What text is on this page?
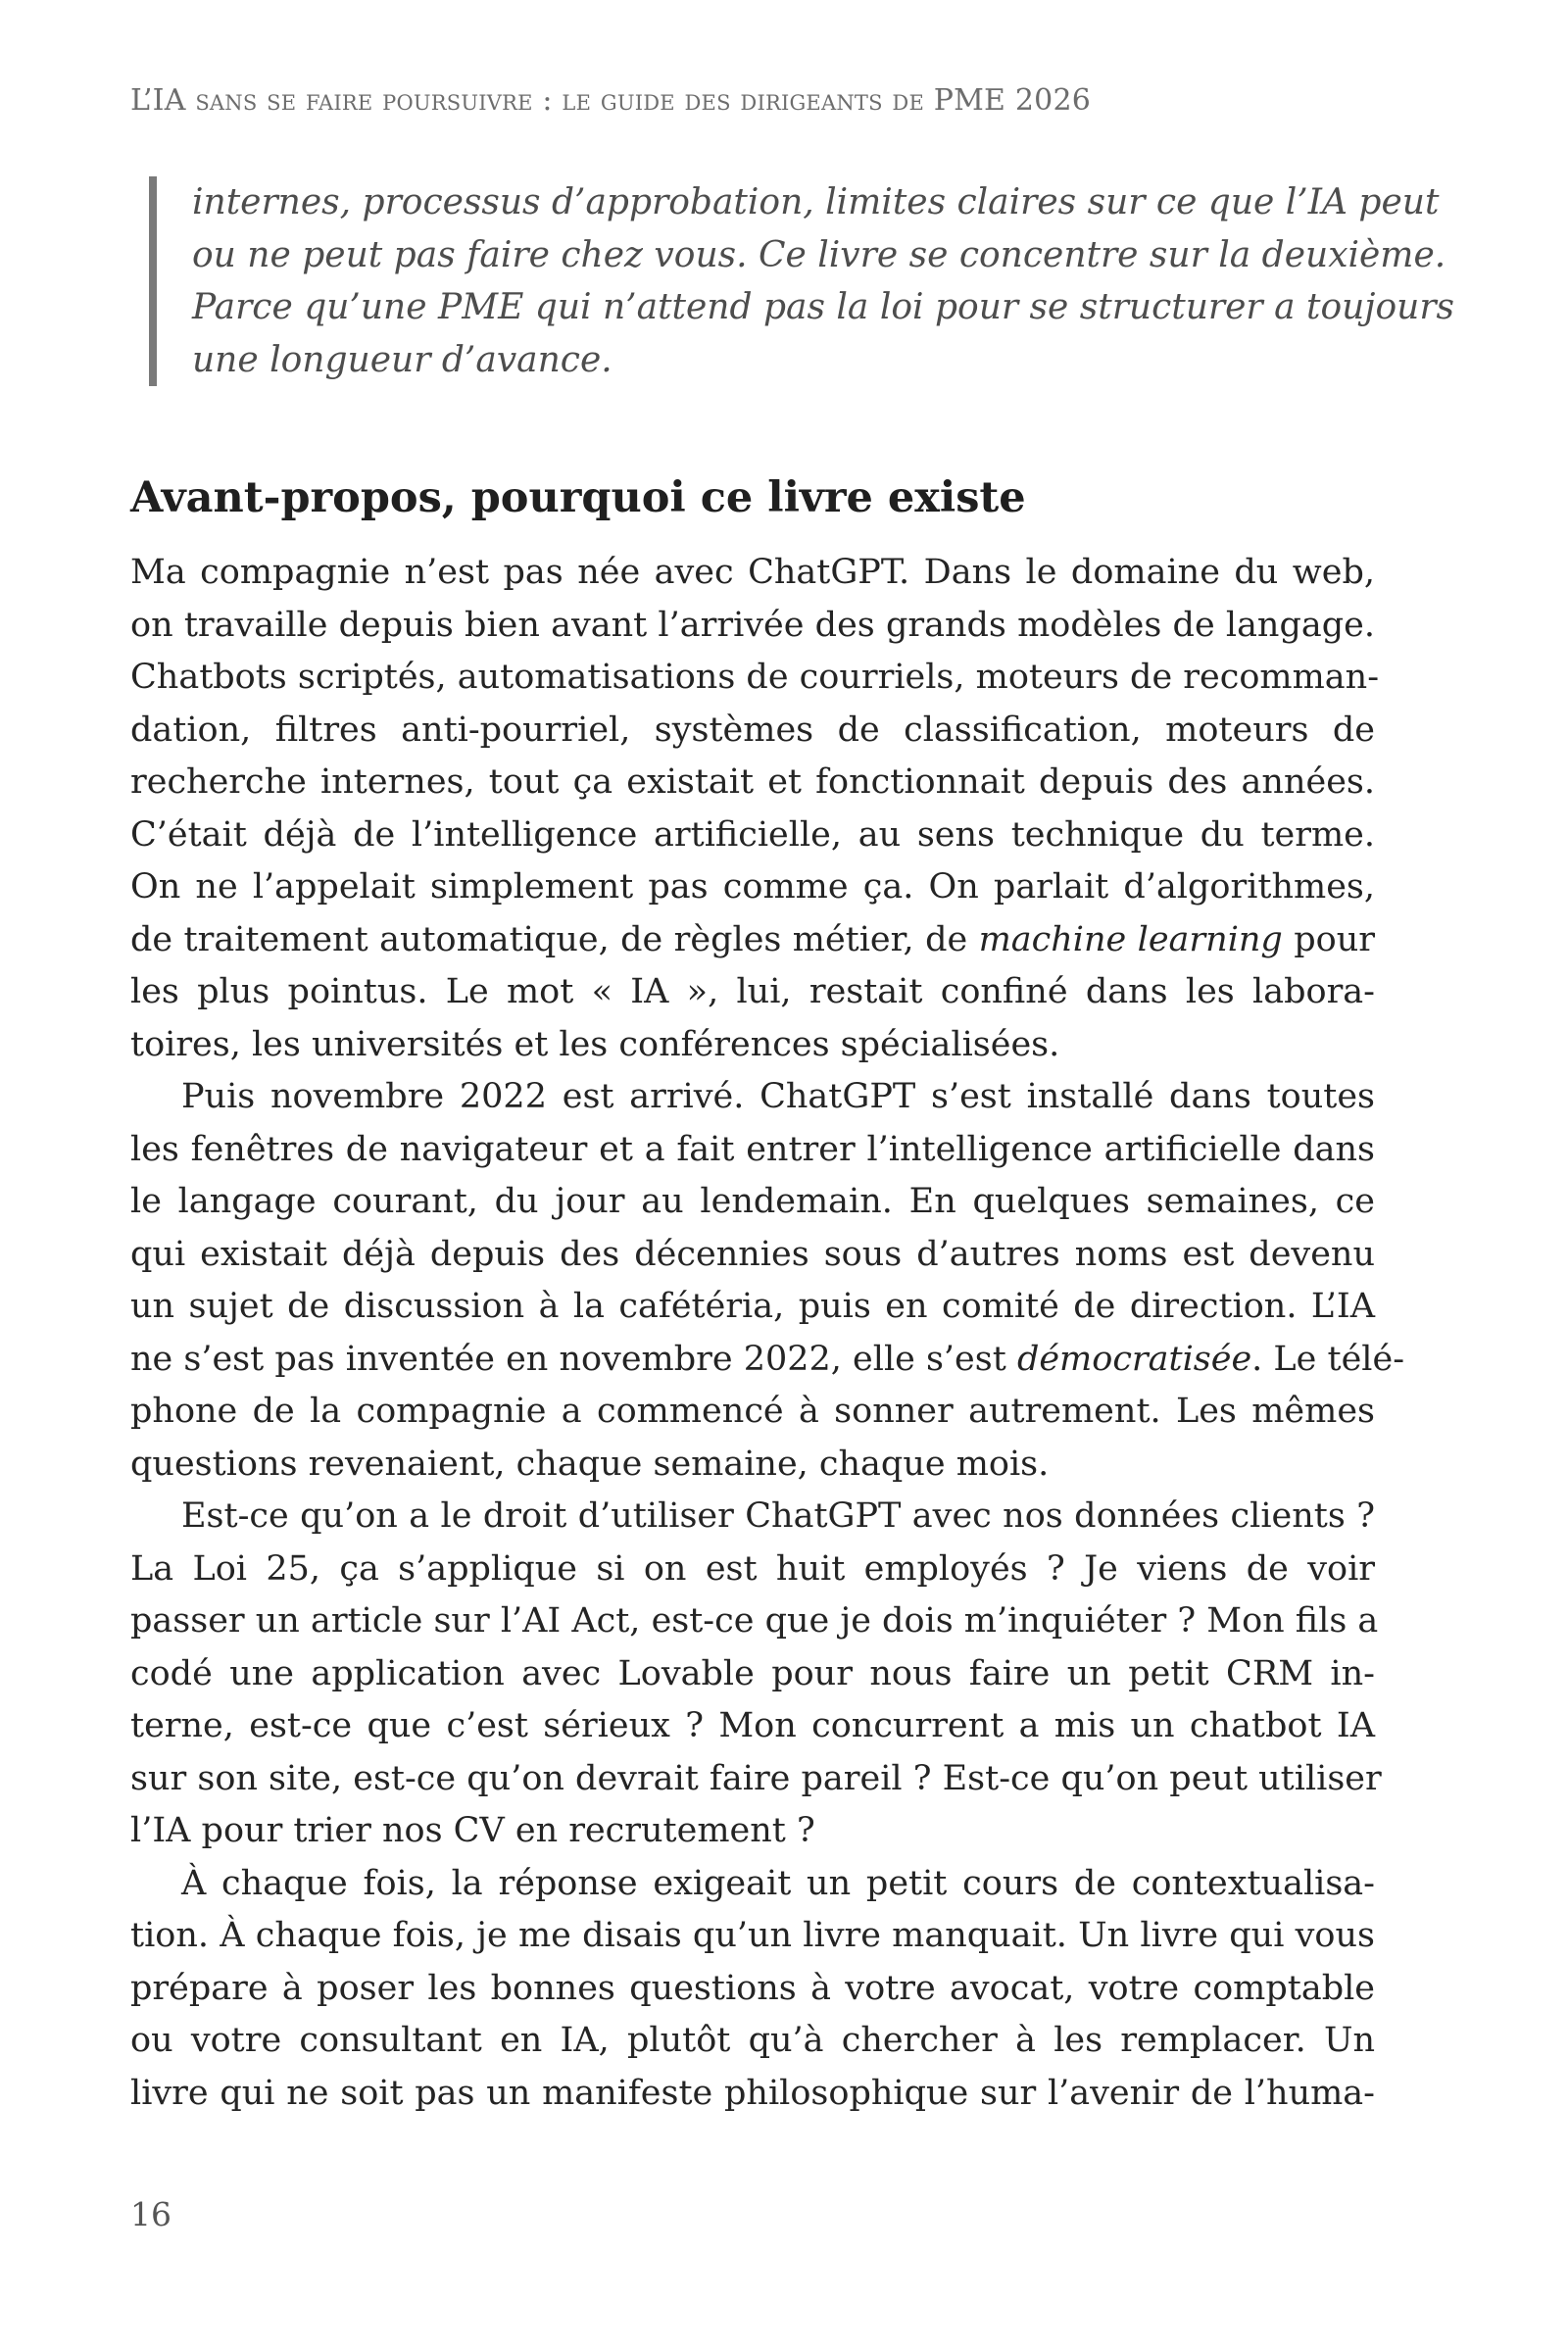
L’IA sans se faire poursuivre : le guide des dirigeants de PME 2026
internes, processus d’approbation, limites claires sur ce que l’IA peut
ou ne peut pas faire chez vous. Ce livre se concentre sur la deuxième.
Parce qu’une PME qui n’attend pas la loi pour se structurer a toujours
une longueur d’avance.
Avant-propos, pourquoi ce livre existe
Ma compagnie n’est pas née avec ChatGPT. Dans le domaine du web,
on travaille depuis bien avant l’arrivée des grands modèles de langage.
Chatbots scriptés, automatisations de courriels, moteurs de recomman-
dation, filtres anti-pourriel, systèmes de classification, moteurs de
recherche internes, tout ça existait et fonctionnait depuis des années.
C’était déjà de l’intelligence artificielle, au sens technique du terme.
On ne l’appelait simplement pas comme ça. On parlait d’algorithmes,
de traitement automatique, de règles métier, de machine learning pour
les plus pointus. Le mot « IA », lui, restait confiné dans les labora-
toires, les universités et les conférences spécialisées.
Puis novembre 2022 est arrivé. ChatGPT s’est installé dans toutes
les fenêtres de navigateur et a fait entrer l’intelligence artificielle dans
le langage courant, du jour au lendemain. En quelques semaines, ce
qui existait déjà depuis des décennies sous d’autres noms est devenu
un sujet de discussion à la cafétéria, puis en comité de direction. L’IA
ne s’est pas inventée en novembre 2022, elle s’est démocratisée. Le télé-
phone de la compagnie a commencé à sonner autrement. Les mêmes
questions revenaient, chaque semaine, chaque mois.
Est-ce qu’on a le droit d’utiliser ChatGPT avec nos données clients ?
La Loi 25, ça s’applique si on est huit employés ? Je viens de voir
passer un article sur l’AI Act, est-ce que je dois m’inquiéter ? Mon fils a
codé une application avec Lovable pour nous faire un petit CRM in-
terne, est-ce que c’est sérieux ? Mon concurrent a mis un chatbot IA
sur son site, est-ce qu’on devrait faire pareil ? Est-ce qu’on peut utiliser
l’IA pour trier nos CV en recrutement ?
À chaque fois, la réponse exigeait un petit cours de contextualisa-
tion. À chaque fois, je me disais qu’un livre manquait. Un livre qui vous
prépare à poser les bonnes questions à votre avocat, votre comptable
ou votre consultant en IA, plutôt qu’à chercher à les remplacer. Un
livre qui ne soit pas un manifeste philosophique sur l’avenir de l’huma-
16
